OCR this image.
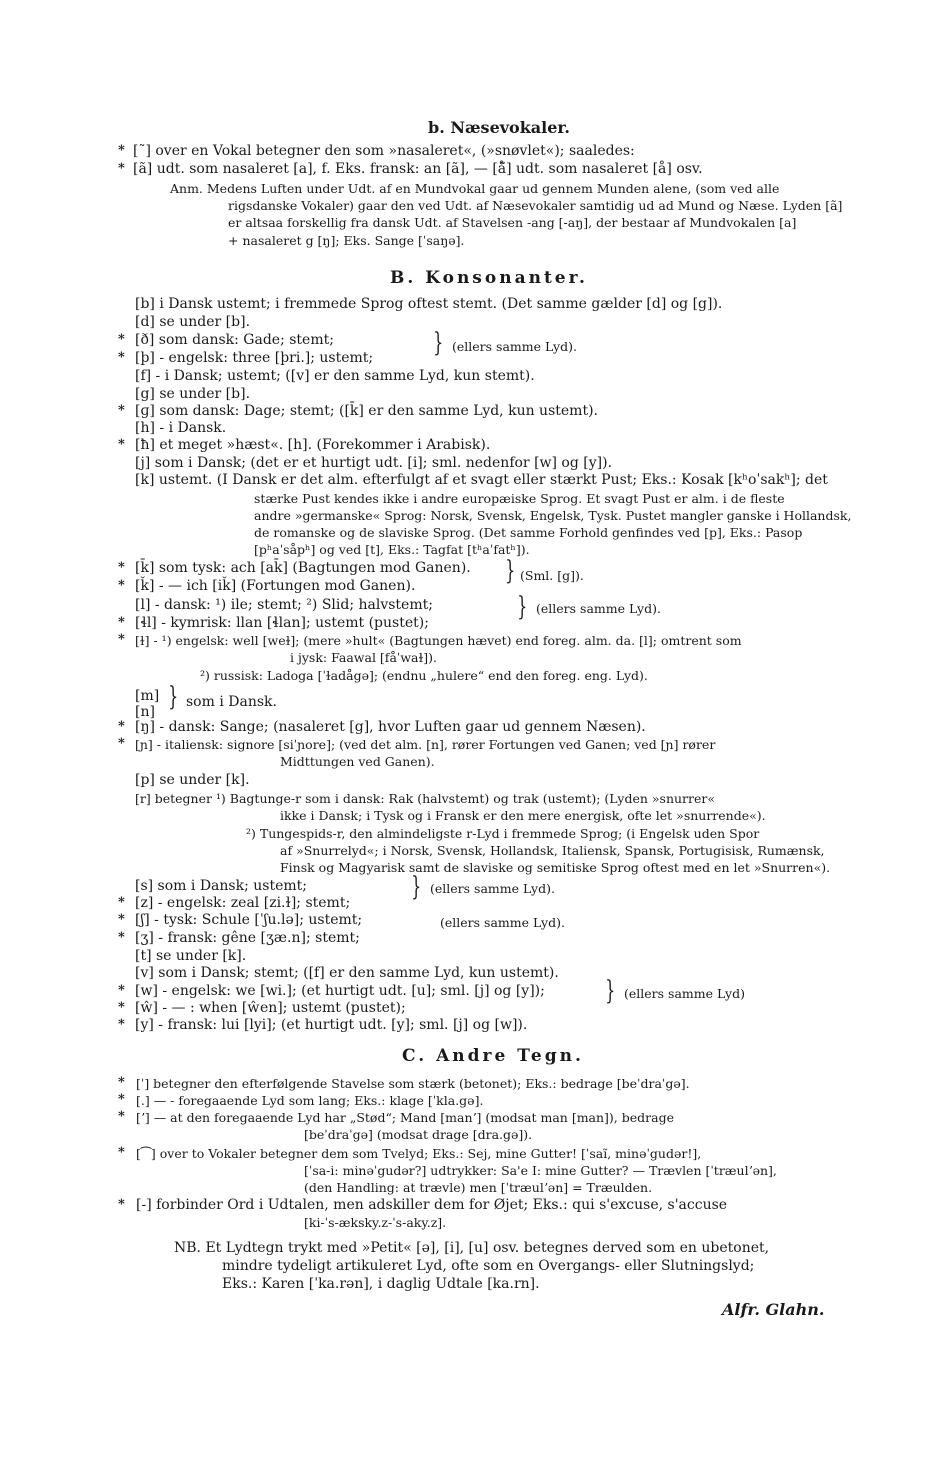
b. Næsevokaler.
* [˜] over en Vokal betegner den som »nasaleret«, (»snøvlet«); saaledes:
* [ã] udt. som nasaleret [a], f. Eks. fransk: an [ã], — [å̃] udt. som nasaleret [å] osv.
Anm. Medens Luften under Udt. af en Mundvokal gaar ud gennem Munden alene, (som ved alle
rigsdanske Vokaler) gaar den ved Udt. af Næsevokaler samtidig ud ad Mund og Næse. Lyden [ã]
er altsaa forskellig fra dansk Udt. af Stavelsen -ang [-aŋ], der bestaar af Mundvokalen [a]
+ nasaleret g [ŋ]; Eks. Sange [ˈsaŋə].
B. Konsonanter.
[b] i Dansk ustemt; i fremmede Sprog oftest stemt. (Det samme gælder [d] og [g]).
[d] se under [b].
* [ð] som dansk: Gade; stemt;
* [þ] - engelsk: three [þri.]; ustemt; } (ellers samme Lyd).
[f] - i Dansk; ustemt; ([v] er den samme Lyd, kun stemt).
[g] se under [b].
* [ɡ] som dansk: Dage; stemt; ([k̄] er den samme Lyd, kun ustemt).
[h] - i Dansk.
* [ħ] et meget »hæst«. [h]. (Forekommer i Arabisk).
[j] som i Dansk; (det er et hurtigt udt. [i]; sml. nedenfor [w] og [y]).
[k] ustemt. (I Dansk er det alm. efterfulgt af et svagt eller stærkt Pust; Eks.: Kosak [kʰoˈsakʰ]; det
stærke Pust kendes ikke i andre europæiske Sprog. Et svagt Pust er alm. i de fleste
andre »germanske« Sprog: Norsk, Svensk, Engelsk, Tysk. Pustet mangler ganske i Hollandsk,
de romanske og de slaviske Sprog. (Det samme Forhold genfindes ved [p], Eks.: Pasop
[pʰaˈsåpʰ] og ved [t], Eks.: Tagfat [tʰaˈfatʰ]).
* [k̄] som tysk: ach [ak̄] (Bagtungen mod Ganen).
* [ǩ] - — ich [iǩ] (Fortungen mod Ganen).	} (Sml. [g]).
[l] - dansk: ¹) ile; stemt; ²) Slid; halvstemt;
* [ɬl] - kymrisk: llan [ɬlan]; ustemt (pustet);
} (ellers samme Lyd).
* [ɫ] - ¹) engelsk: well [weɫ]; (mere »hult« (Bagtungen hævet) end foreg. alm. da. [l]; omtrent som
i jysk: Faawal [fåˈwaɫ]).
²) russisk: Ladoga [ˈɫadågə]; (endnu „hulere“ end den foreg. eng. Lyd).
[m]
[n] } som i Dansk.
* [ŋ] - dansk: Sange; (nasaleret [g], hvor Luften gaar ud gennem Næsen).
* [ɲ] - italiensk: signore [siˈɲore]; (ved det alm. [n], rører Fortungen ved Ganen; ved [ɲ] rører
Midttungen ved Ganen).
[p] se under [k].
[r] betegner ¹) Bagtunge-r som i dansk: Rak (halvstemt) og trak (ustemt); (Lyden »snurrer«
ikke i Dansk; i Tysk og i Fransk er den mere energisk, ofte let »snurrende«).
²) Tungespids-r, den almindeligste r-Lyd i fremmede Sprog; (i Engelsk uden Spor
af »Snurrelyd«; i Norsk, Svensk, Hollandsk, Italiensk, Spansk, Portugisisk, Rumænsk,
Finsk og Magyarisk samt de slaviske og semitiske Sprog oftest med en let »Snurren«).
[s] som i Dansk; ustemt;
* [z] - engelsk: zeal [zi.ɫ]; stemt;
} (ellers samme Lyd).
* [ʃ] - tysk: Schule [ˈʃu.lə]; ustemt;	(ellers samme Lyd).
* [ʒ] - fransk: gêne [ʒæ.n]; stemt;
[t] se under [k].
[v] som i Dansk; stemt; ([f] er den samme Lyd, kun ustemt).
* [w] - engelsk: we [wi.]; (et hurtigt udt. [u]; sml. [j] og [y]);
* [ŵ] - — : when [ŵen]; ustemt (pustet);
} (ellers samme Lyd)
* [y] - fransk: lui [lyi]; (et hurtigt udt. [y]; sml. [j] og [w]).
C. Andre Tegn.
* [ˈ] betegner den efterfølgende Stavelse som stærk (betonet); Eks.: bedrage [beˈdraˈgə].
* [.] — - foregaaende Lyd som lang; Eks.: klage [ˈkla.gə].
* [ʼ] — at den foregaaende Lyd har „Stød“; Mand [manʼ] (modsat man [man]), bedrage
[beˈdraˈgə] (modsat drage [dra.gə]).
* [⁀] over to Vokaler betegner dem som Tvelyd; Eks.: Sej, mine Gutter! [ˈsaĩ, minəˈgudər!],
[ˈsa-i: minəˈgudər?] udtrykker: Sa'e I: mine Gutter? — Trævlen [ˈtræulʼən],
(den Handling: at trævle) men [ˈtræulʼən] = Træulden.
* [-] forbinder Ord i Udtalen, men adskiller dem for Øjet; Eks.: qui s'excuse, s'accuse
[ki-ˈs-æksky.z-ˈs-aky.z].
NB. Et Lydtegn trykt med »Petit« [ə], [i], [u] osv. betegnes derved som en ubetonet,
mindre tydeligt artikuleret Lyd, ofte som en Overgangs- eller Slutningslyd;
Eks.: Karen [ˈka.rən], i daglig Udtale [ka.rn].
Alfr. Glahn.
